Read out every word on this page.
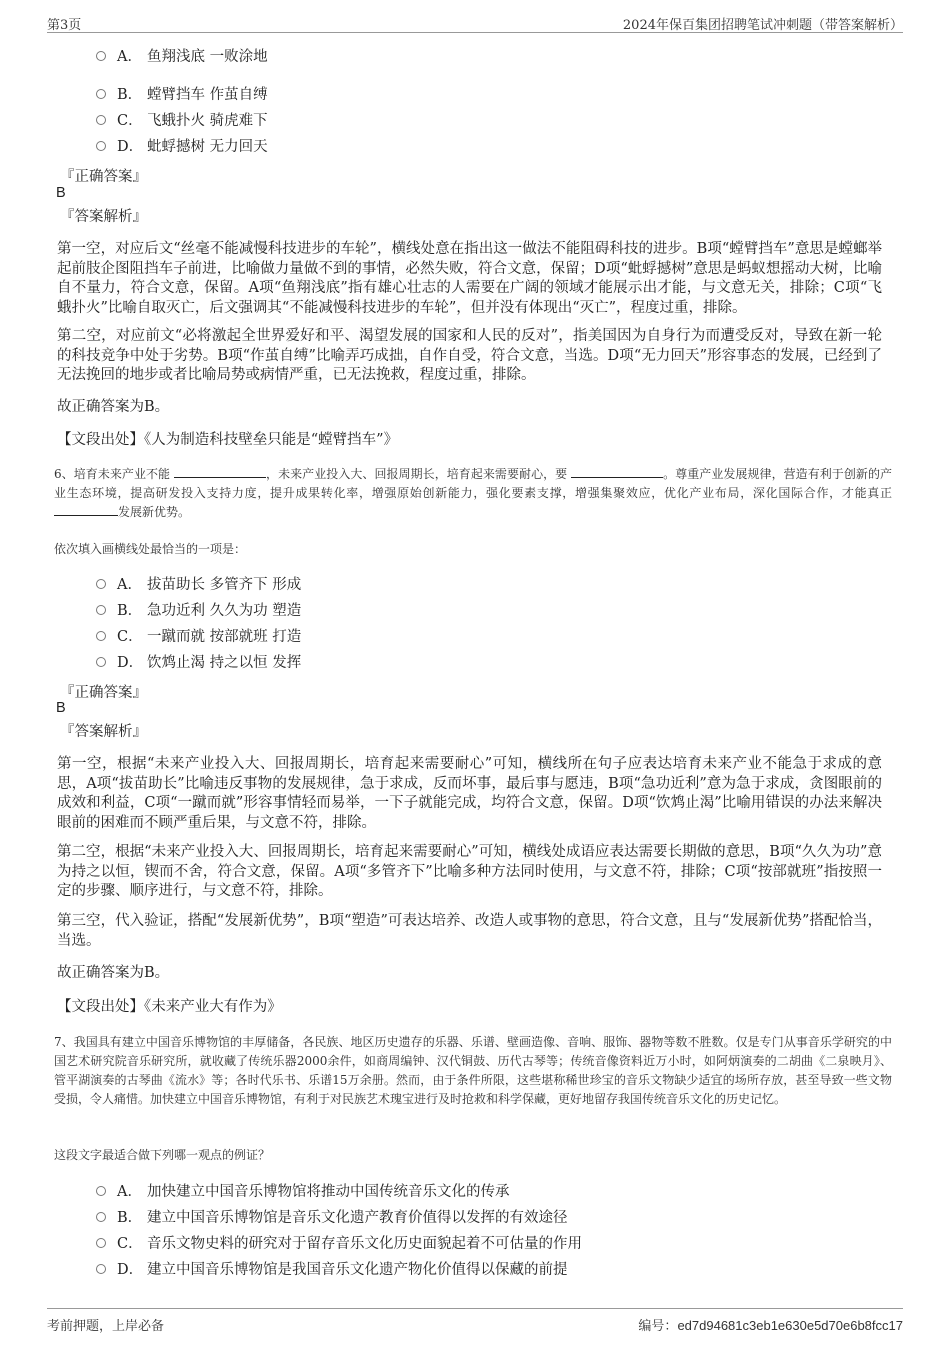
第3页	2024年保百集团招聘笔试冲刺题（带答案解析）
A． 鱼翔浅底 一败涂地
B． 螳臂挡车 作茧自缚
C． 飞蛾扑火 骑虎难下
D． 蚍蜉撼树 无力回天
『正确答案』
B
『答案解析』
第一空，对应后文“丝毫不能减慢科技进步的车轮”，横线处意在指出这一做法不能阻碍科技的进步。B项“螳臂挡车”意思是螳螂举起前肢企图阻挡车子前进，比喻做力量做不到的事情，必然失败，符合文意，保留；D项“蚍蜉撼树”意思是蚂蚁想摇动大树，比喻自不量力，符合文意，保留。A项“鱼翔浅底”指有雄心壮志的人需要在广阔的领域才能展示出才能，与文意无关，排除；C项“飞蛾扑火”比喻自取灭亡，后文强调其“不能减慢科技进步的车轮”，但并没有体现出“灭亡”，程度过重，排除。
第二空，对应前文“必将激起全世界爱好和平、渴望发展的国家和人民的反对”，指美国因为自身行为而遭受反对，导致在新一轮的科技竞争中处于劣势。B项“作茧自缚”比喻弄巧成拙，自作自受，符合文意，当选。D项“无力回天”形容事态的发展，已经到了无法挽回的地步或者比喻局势或病情严重，已无法挽救，程度过重，排除。
故正确答案为B。
【文段出处】《人为制造科技壁垒只能是“螳臂挡车”》
6、培育未来产业不能	，未来产业投入大、回报周期长，培育起来需要耐心，要	。尊重产业发展规律，营造有利于创新的产业生态环境，提高研发投入支持力度，提升成果转化率，增强原始创新能力，强化要素支撑，增强集聚效应，优化产业布局，深化国际合作，才能真正 发展新优势。
依次填入画横线处最恰当的一项是：
A． 拔苗助长 多管齐下 形成
B． 急功近利 久久为功 塑造
C． 一蹴而就 按部就班 打造
D． 饮鸩止渴 持之以恒 发挥
『正确答案』
B
『答案解析』
第一空，根据“未来产业投入大、回报周期长，培育起来需要耐心”可知，横线所在句子应表达培育未来产业不能急于求成的意思，A项“拔苗助长”比喻违反事物的发展规律，急于求成，反而坏事，最后事与愿违，B项“急功近利”意为急于求成，贪图眼前的成效和利益，C项“一蹴而就”形容事情轻而易举，一下子就能完成，均符合文意，保留。D项“饮鸩止渴”比喻用错误的办法来解决眼前的困难而不顾严重后果，与文意不符，排除。
第二空，根据“未来产业投入大、回报周期长，培育起来需要耐心”可知，横线处成语应表达需要长期做的意思，B项“久久为功”意为持之以恒，锲而不舍，符合文意，保留。A项“多管齐下”比喻多种方法同时使用，与文意不符，排除；C项“按部就班”指按照一定的步骤、顺序进行，与文意不符，排除。
第三空，代入验证，搭配“发展新优势”，B项“塑造”可表达培养、改造人或事物的意思，符合文意，且与“发展新优势”搭配恰当，当选。
故正确答案为B。
【文段出处】《未来产业大有作为》
7、我国具有建立中国音乐博物馆的丰厚储备，各民族、地区历史遗存的乐器、乐谱、壁画造像、音响、服饰、器物等数不胜数。仅是专门从事音乐学研究的中国艺术研究院音乐研究所，就收藏了传统乐器2000余件，如商周编钟、汉代铜鼓、历代古琴等；传统音像资料近万小时，如阿炳演奏的二胡曲《二泉映月》、管平湖演奏的古琴曲《流水》等；各时代乐书、乐谱15万余册。然而，由于条件所限，这些堪称稀世珍宝的音乐文物缺少适宜的场所存放，甚至导致一些文物受损，令人痛惜。加快建立中国音乐博物馆，有利于对民族艺术瑰宝进行及时抢救和科学保藏，更好地留存我国传统音乐文化的历史记忆。
这段文字最适合做下列哪一观点的例证？
A． 加快建立中国音乐博物馆将推动中国传统音乐文化的传承
B． 建立中国音乐博物馆是音乐文化遗产教育价值得以发挥的有效途径
C． 音乐文物史料的研究对于留存音乐文化历史面貌起着不可估量的作用
D． 建立中国音乐博物馆是我国音乐文化遗产物化价值得以保藏的前提
考前押题，上岸必备	编号：ed7d94681c3eb1e630e5d70e6b8fcc17
